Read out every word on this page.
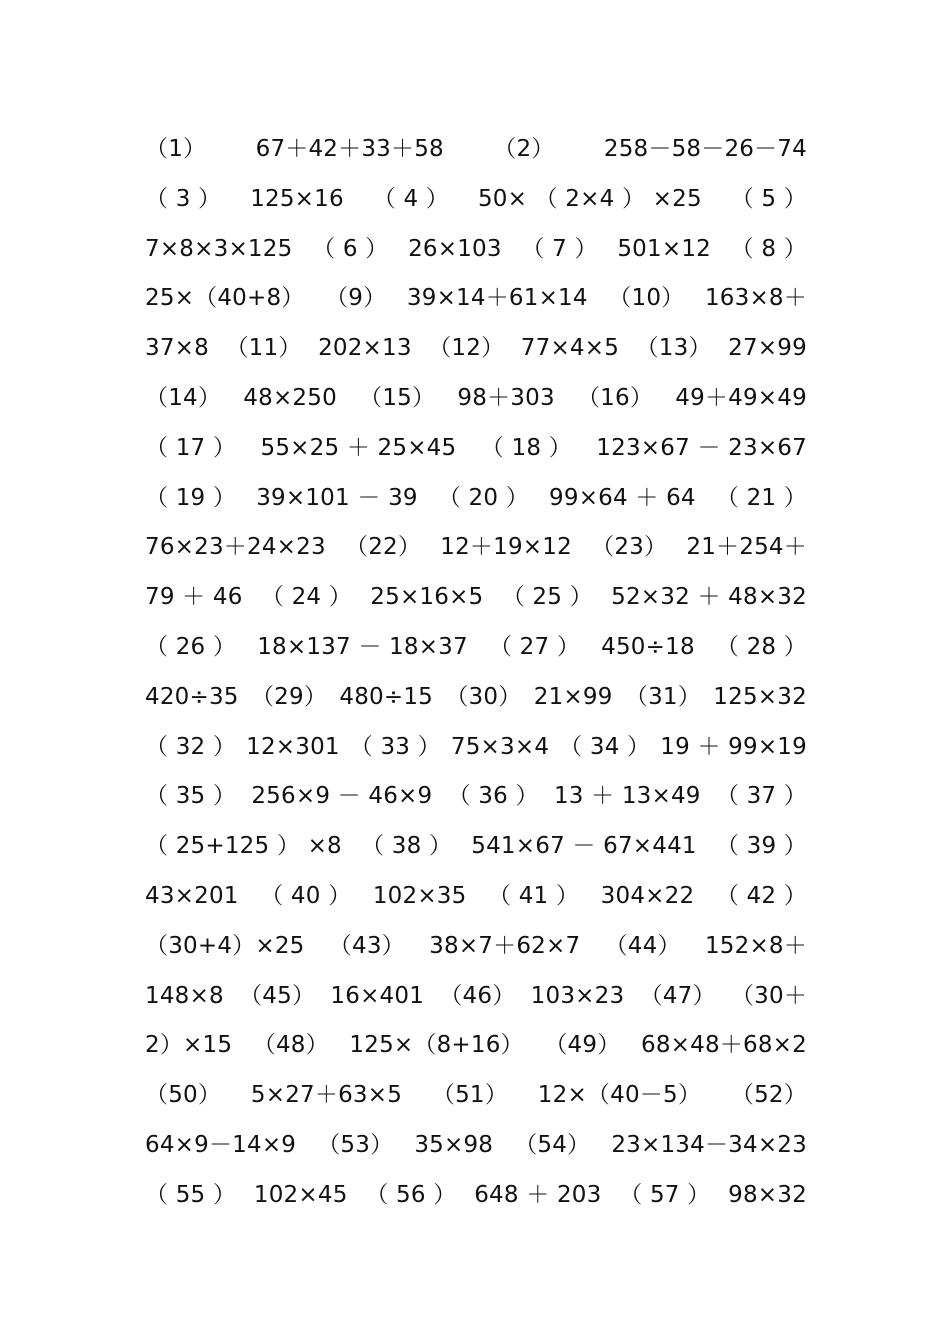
（1） 67＋42＋33＋58 （2） 258－58－26－74
（ 3 ） 125×16 （ 4 ） 50× （ 2×4 ） ×25 （ 5 ）
7×8×3×125 （ 6 ） 26×103 （ 7 ） 501×12 （ 8 ）
25×（40+8） （9） 39×14＋61×14 （10） 163×8＋
37×8 （11） 202×13 （12） 77×4×5 （13） 27×99
（14） 48×250 （15） 98＋303 （16） 49＋49×49
（ 17 ） 55×25 ＋ 25×45 （ 18 ） 123×67 － 23×67
（ 19 ） 39×101 － 39 （ 20 ） 99×64 ＋ 64 （ 21 ）
76×23＋24×23 （22） 12＋19×12 （23） 21＋254＋
79 ＋ 46 （ 24 ） 25×16×5 （ 25 ） 52×32 ＋ 48×32
（ 26 ） 18×137 － 18×37 （ 27 ） 450÷18 （ 28 ）
420÷35 （29） 480÷15 （30） 21×99 （31） 125×32
（ 32 ） 12×301 （ 33 ） 75×3×4 （ 34 ） 19 ＋ 99×19
（ 35 ） 256×9 － 46×9 （ 36 ） 13 ＋ 13×49 （ 37 ）
（ 25+125 ） ×8 （ 38 ） 541×67 － 67×441 （ 39 ）
43×201 （ 40 ） 102×35 （ 41 ） 304×22 （ 42 ）
（30+4）×25 （43） 38×7＋62×7 （44） 152×8＋
148×8 （45） 16×401 （46） 103×23 （47） （30＋
2）×15 （48） 125×（8+16） （49） 68×48＋68×2
（50） 5×27＋63×5 （51） 12×（40－5） （52）
64×9－14×9 （53） 35×98 （54） 23×134－34×23
（ 55 ） 102×45 （ 56 ） 648 ＋ 203 （ 57 ） 98×32
